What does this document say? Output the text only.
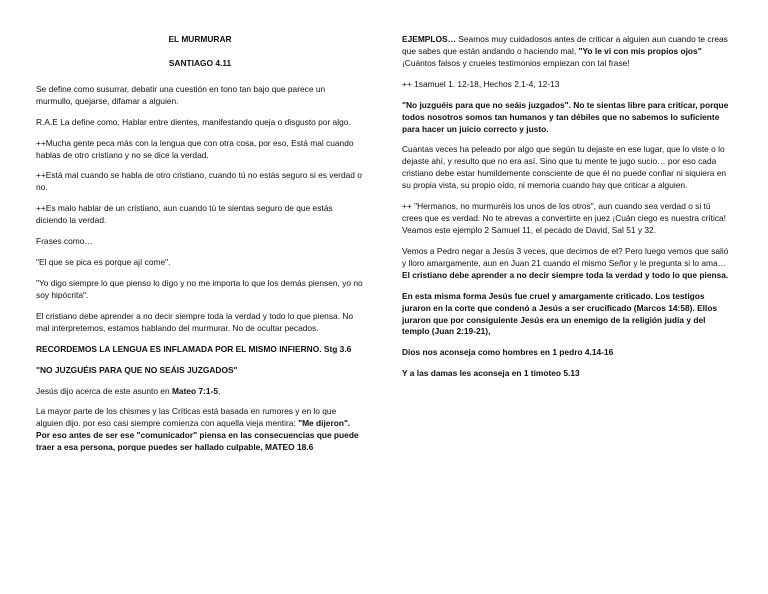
EL MURMURAR

SANTIAGO 4.11

Se define como susurrar, debatir una cuestión en tono tan bajo que parece un murmullo, quejarse, difamar a alguien.

R.A.E La define como, Hablar entre dientes, manifestando queja o disgusto por algo.

++Mucha gente peca más con la lengua que con otra cosa, por eso, Está mal cuando hablas de otro cristiano y no se dice la verdad.

++Está mal cuando se habla de otro cristiano, cuando tú no estás seguro si es verdad o no.

++Es malo hablar de un cristiano, aun cuando tú te sientas seguro de que estás diciendo la verdad.

Frases como…

"El que se pica es porque ají come".

"Yo digo siempre lo que pienso lo digo y no me importa lo que los demás piensen, yo no soy hipócrita".

El cristiano debe aprender a no decir siempre toda la verdad y todo lo que piensa. No mal interpretemos, estamos hablando del murmurar. No de ocultar pecados.

RECORDEMOS LA LENGUA ES INFLAMADA POR EL MISMO INFIERNO. Stg 3.6

"NO JUZGUÉIS PARA QUE NO SEÁIS JUZGADOS"

Jesús dijo acerca de este asunto en Mateo 7:1-5,

La mayor parte de los chismes y las Críticas está basada en rumores y en lo que alguien dijo. por eso casi siempre comienza con aquella vieja mentira: "Me dijeron". Por eso antes de ser ese "comunicador" piensa en las consecuencias que puede traer a esa persona, porque puedes ser hallado culpable, MATEO 18.6

EJEMPLOS… Seamos muy cuidadosos antes de criticar a alguien aun cuando te creas que sabes que están andando o haciendo mal, "Yo le vi con mis propios ojos" ¡Cuántos falsos y crueles testimonios empiezan con tal frase!

++ 1samuel 1. 12-18, Hechos 2.1-4, 12-13

"No juzguéis para que no seáis juzgados". No te sientas libre para criticar, porque todos nosotros somos tan humanos y tan débiles que no sabemos lo suficiente para hacer un juicio correcto y justo.

Cuantas veces ha peleado por algo que según tu dejaste en ese lugar, que lo viste o lo dejaste ahí, y resulto que no era así. Sino que tu mente te jugo sucio… por eso cada cristiano debe estar humildemente consciente de que él no puede confiar ni siquiera en su propia vista, su propio oído, ni memoria cuando hay que criticar a alguien.

++ "Hermanos, no murmuréis los unos de los otros", aun cuando sea verdad o si tú crees que es verdad. No te atrevas a convertirte en juez ¡Cuán ciego es nuestra crítica! Veamos este ejemplo 2 Samuel 11, el pecado de David, Sal 51 y 32.

Vemos a Pedro negar a Jesús 3 veces, que decimos de el? Pero luego vemos que salió y lloro amargamente, aun en Juan 21 cuando el mismo Señor y le pregunta si lo ama… El cristiano debe aprender a no decir siempre toda la verdad y todo lo que piensa.

En esta misma forma Jesús fue cruel y amargamente criticado. Los testigos juraron en la corte que condenó a Jesús a ser crucificado (Marcos 14:58). Ellos juraron que por consiguiente Jesús era un enemigo de la religión judía y del templo (Juan 2:19-21),

Dios nos aconseja como hombres en 1 pedro 4.14-16

Y a las damas les aconseja en 1 timoteo 5.13
